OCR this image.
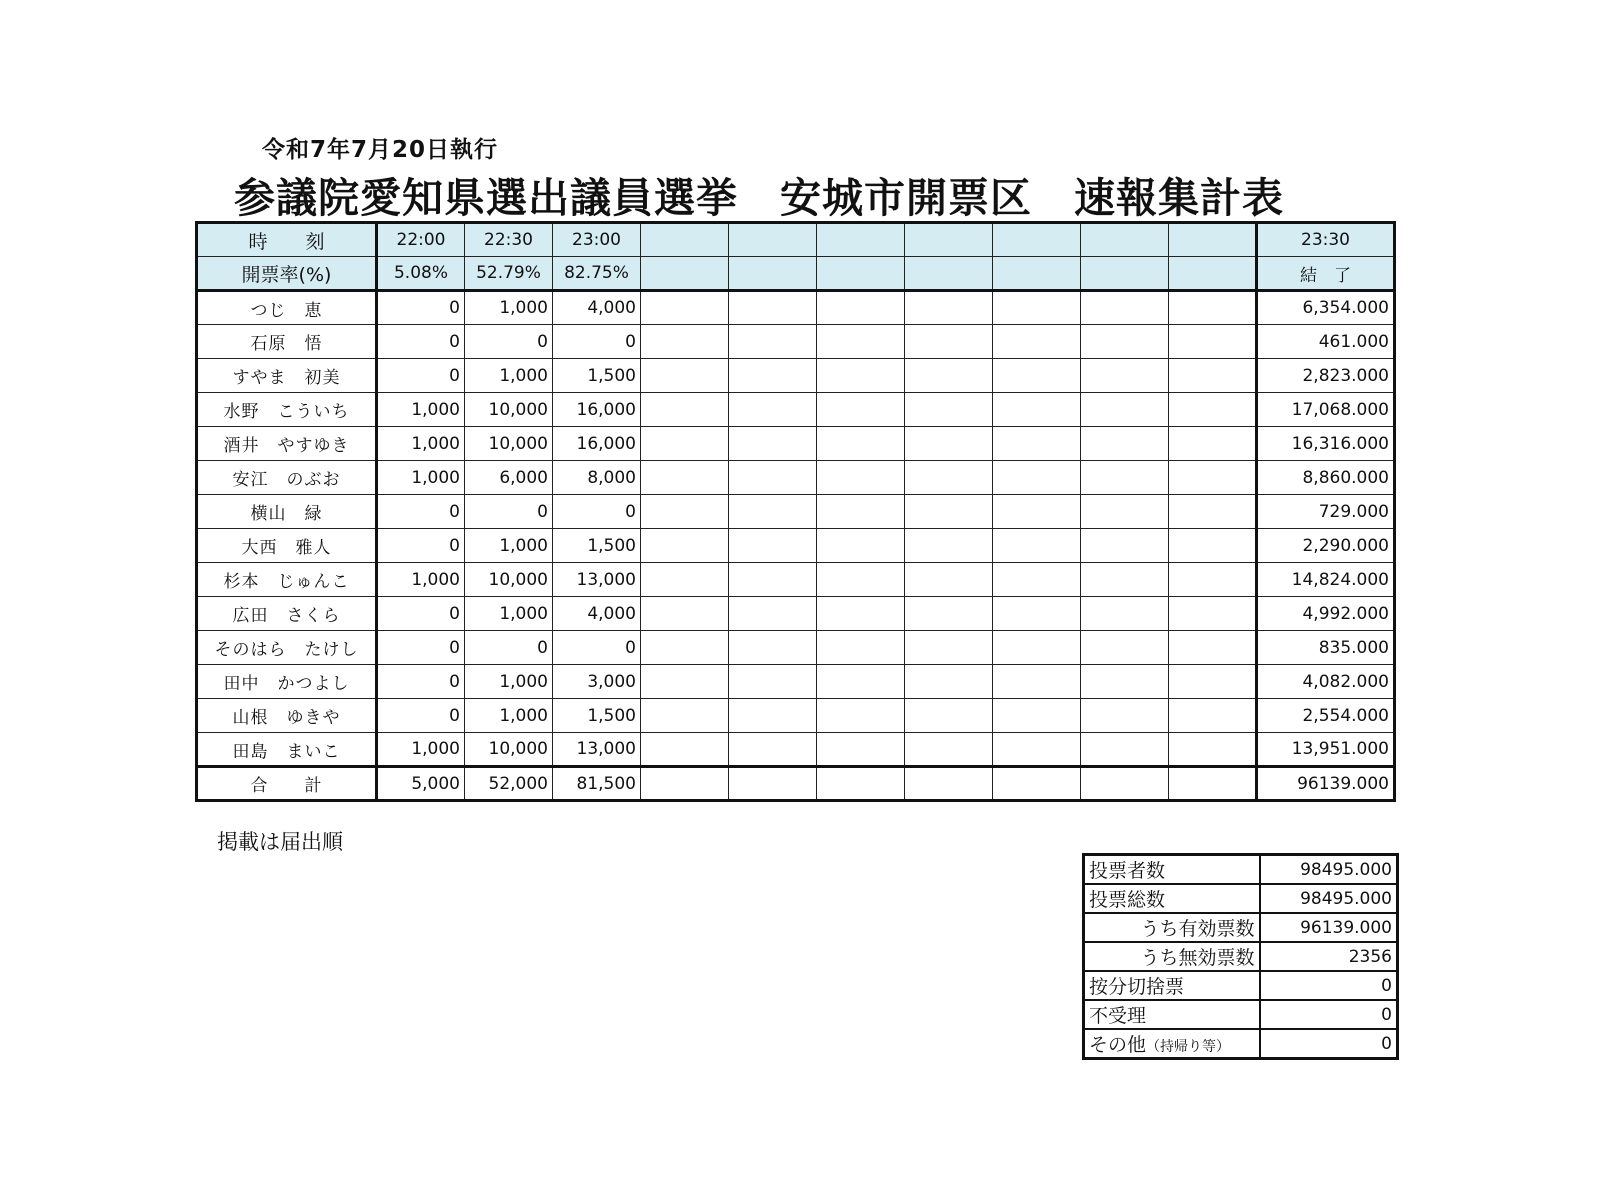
令和7年7月20日執行
参議院愛知県選出議員選挙　安城市開票区　速報集計表
時　　刻	22:00	22:30	23:00								23:30
開票率(%)	5.08%	52.79%	82.75%								結　了
つじ　恵	0	1,000	4,000								6,354.000
石原　悟	0	0	0								461.000
すやま　初美	0	1,000	1,500								2,823.000
水野　こういち	1,000	10,000	16,000								17,068.000
酒井　やすゆき	1,000	10,000	16,000								16,316.000
安江　のぶお	1,000	6,000	8,000								8,860.000
横山　緑	0	0	0								729.000
大西　雅人	0	1,000	1,500								2,290.000
杉本　じゅんこ	1,000	10,000	13,000								14,824.000
広田　さくら	0	1,000	4,000								4,992.000
そのはら　たけし	0	0	0								835.000
田中　かつよし	0	1,000	3,000								4,082.000
山根　ゆきや	0	1,000	1,500								2,554.000
田島　まいこ	1,000	10,000	13,000								13,951.000
合　　計	5,000	52,000	81,500								96139.000
掲載は届出順
投票者数	98495.000
投票総数	98495.000
うち有効票数	96139.000
うち無効票数	2356
按分切捨票	0
不受理	0
その他（持帰り等）	0
